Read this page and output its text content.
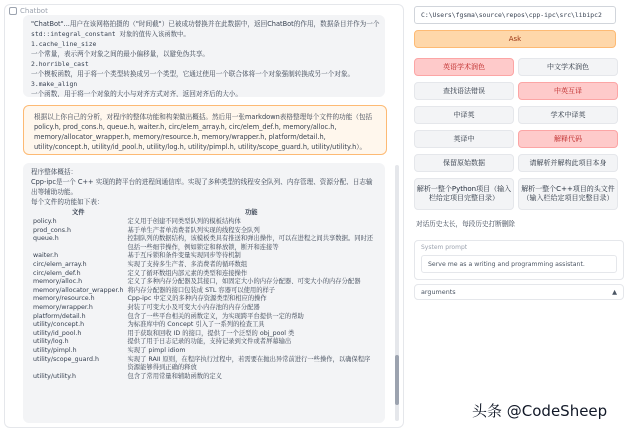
Chatbot
"ChatBot"...用户在该网格拍摄的（"时间截"）已被成功替换并在此数据中，返回ChatBot的作用，数据条目并作为一个
std::integral_constant 对象的值传入该函数中。
1.cache_line_size
一个常量，表示两个对象之间的最小偏移量，以避免伪共享。
2.horrible_cast
一个模板函数，用于将一个类型转换成另一个类型，它通过使用一个联合体将一个对象强制转换成另一个对象。
3.make_align
一个函数，用于将一个对象的大小与对齐方式对齐，返回对齐后的大小。
根据以上你自己的分析，对程序的整体功能和构架做出概括。然后用一张markdown表格整理每个文件的功能（包括policy.h, prod_cons.h, queue.h, waiter.h, circ/elem_array.h, circ/elem_def.h, memory/alloc.h, memory/allocator_wrapper.h, memory/resource.h, memory/wrapper.h, platform/detail.h, utility/concept.h, utility/id_pool.h, utility/log.h, utility/pimpl.h, utility/scope_guard.h, utility/utility.h）。
程序整体概括：
Cpp-ipc是一个 C++ 实现的跨平台的进程间通信库。实现了多种类型的线程安全队列、内存管理、资源分配、日志输出等辅助功能。
每个文件的功能如下表：
文件	功能
policy.h	定义用于创建不同类型队列的模板结构体
prod_cons.h	基于单生产者单消费者队列实现的线程安全队列
queue.h	控制队列的数据结构，该模板类具有推送和弹出操作，可以在进程之间共享数据。同时还包括一些细节操作，例如锁定和释放锁，断开和连接等
waiter.h	基于互斥锁和条件变量实现同步等待机制
circ/elem_array.h	实现了支持多生产者、多消费者的循环数组
circ/elem_def.h	定义了循环数组内部元素的类型和连接操作
memory/alloc.h	定义了多种内存分配器及其接口，如固定大小的内存分配器、可变大小的内存分配器
memory/allocator_wrapper.h	将内存分配器的接口包装成 STL 容器可以使用的样子
memory/resource.h	Cpp-ipc 中定义的多种内存资源类型和相应的操作
memory/wrapper.h	封装了可变大小及可变大小内存池的内存分配器
platform/detail.h	包含了一些平台相关的函数定义，为实现跨平台提供一定的帮助
utility/concept.h	为标准库中的 Concept 引入了一系列的检查工具
utility/id_pool.h	用于获取和回收 ID 的接口，提供了一个泛型的 obj_pool 类
utility/log.h	提供了用于日志记录的功能，支持记录到文件或者屏幕输出
utility/pimpl.h	实现了 pimpl idiom
utility/scope_guard.h	实现了 RAII 原则，在程序执行过程中，若需要在抛出异常前进行一些操作，以确保程序资源能够得到正确的释放
utility/utility.h	包含了常用常量和辅助函数的定义
C:\Users\fgsma\source\repos\cpp-ipc\src\libipc2
Ask
英语学术润色	中文学术润色
查找语法错误	中英互译
中译英	学术中译英
英译中	解释代码
保留原始数据	请解析并解构此项目本身
解析一整个Python项目（输入栏给定项目完整目录）
解析一整个C++项目的头文件（输入栏给定项目完整目录）
对话历史太长，每段历史打断删除
System prompt
Serve me as a writing and programming assistant.
arguments	▲
头条 @CodeSheep
